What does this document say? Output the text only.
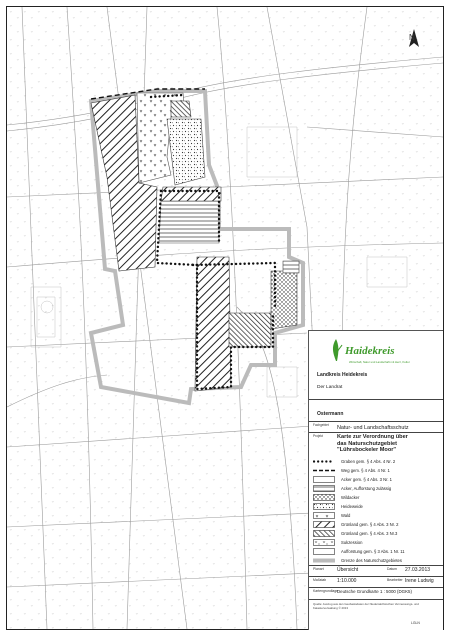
N
Haidekreis
Wirtschaft, Natur und Landschaft mit Herz, Kultur
Landkreis Heidekreis
Der Landrat
Ostermann
Fachgebiet Natur- und Landschaftsschutz
Projekt	Karte zur Verordnung über
das Naturschutzgebiet
"Lührsbockeler Moor"
Graben gem. § 4 Abs. 4 Nr. 2
Weg gem. § 4 Abs. 4 Nr. 1
Acker gem. § 4 Abs. 3 Nr. 1
Acker, Aufforstung zulässig
Wildacker
Heideweide
Wald
Grünland gem. § 4 Abs. 3 Nr. 2
Grünland gem. § 4 Abs. 3 Nr.3
Sukzession
Aufforstung gem. § 3 Abs. 1 Nr. 11
Grenze des Naturschutzgebietes
Planart	Übersicht	Datum 27.03.2013
Maßstab 1:10.000	Bearbeiter Irene Ludwig
Kartengrundlage
Deutsche Grundkarte 1 : 5000 (DGK5)
Quelle: Auszug aus den Geobasisdaten der Niedersächsischen Vermessungs- und Katasterverwaltung © 2013
LGLN
